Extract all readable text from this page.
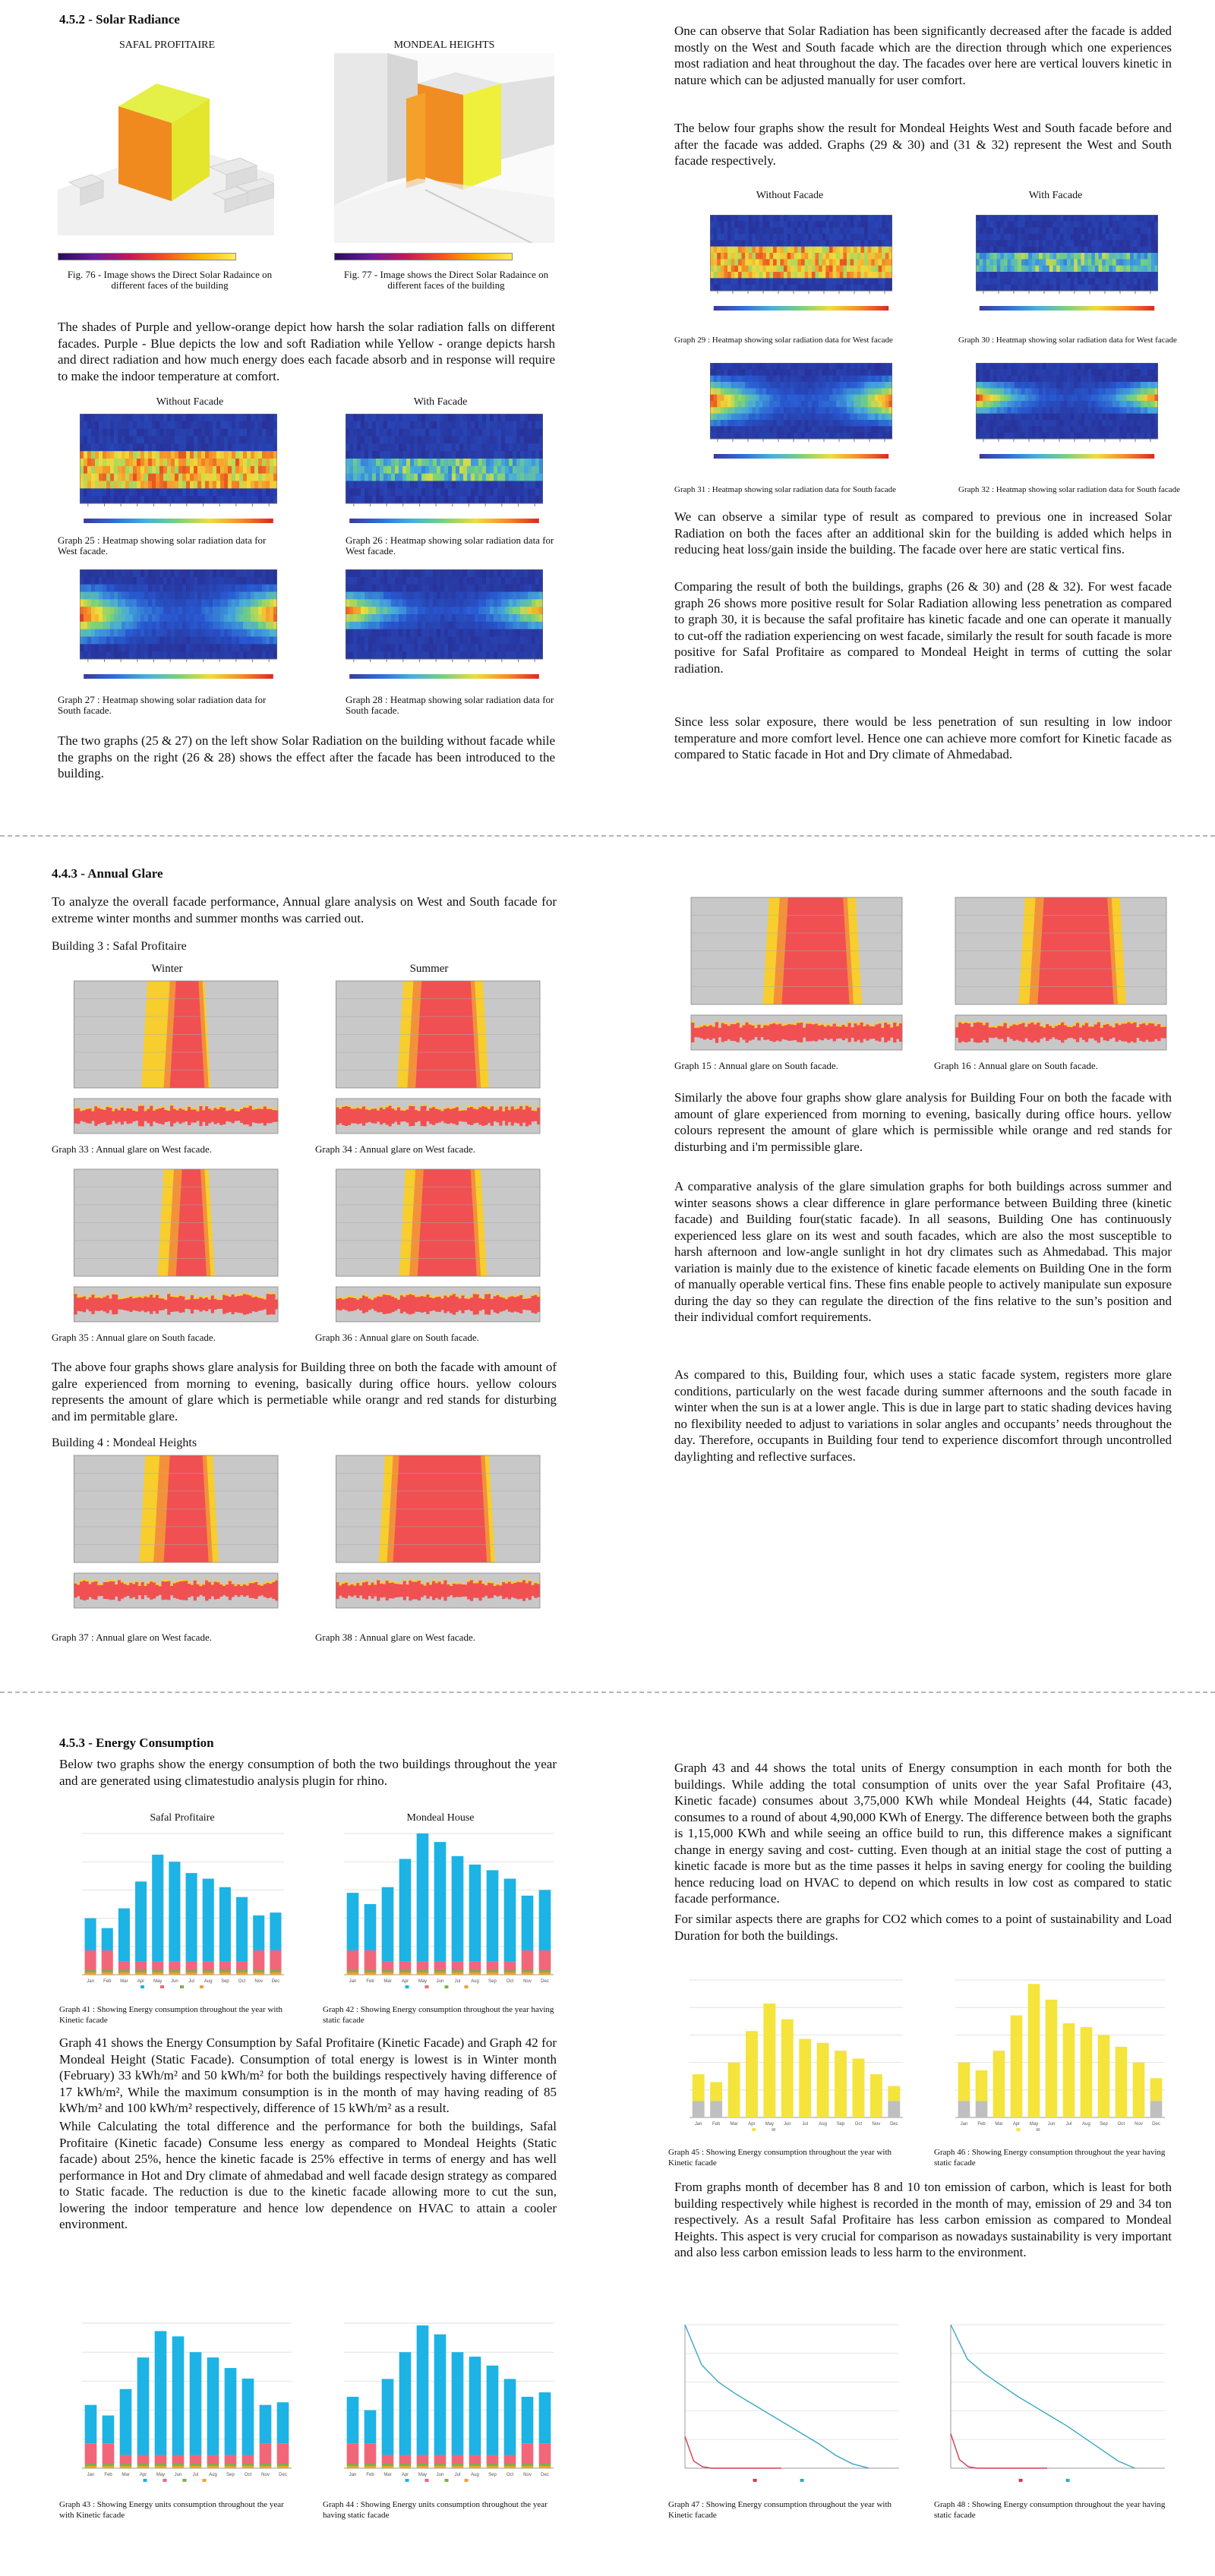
4.5.2 - Solar Radiance
SAFAL PROFITAIRE	MONDEAL HEIGHTS
Fig. 76 - Image shows the Direct Solar Radaince on different faces of the building
Fig. 77 - Image shows the Direct Solar Radaince on different faces of the building
The shades of Purple and yellow-orange depict how harsh the solar radiation falls on different facades. Purple - Blue depicts the low and soft Radiation while Yellow - orange depicts harsh and direct radiation and how much energy does each facade absorb and in response will require to make the indoor temperature at comfort.
Without Facade	With Facade
Graph 25 : Heatmap showing solar radiation data for West facade.
Graph 26 : Heatmap showing solar radiation data for West facade.
Graph 27 : Heatmap showing solar radiation data for South facade.
Graph 28 : Heatmap showing solar radiation data for South facade.
The two graphs (25 & 27) on the left show Solar Radiation on the building without facade while the graphs on the right (26 & 28) shows the effect after the facade has been introduced to the building.
One can observe that Solar Radiation has been significantly decreased after the facade is added mostly on the West and South facade which are the direction through which one experiences most radiation and heat throughout the day. The facades over here are vertical louvers kinetic in nature which can be adjusted manually for user comfort.
The below four graphs show the result for Mondeal Heights West and South facade before and after the facade was added. Graphs (29 & 30) and (31 & 32) represent the West and South facade respectively.
Without Facade	With Facade
Graph 29 : Heatmap showing solar radiation data for West facade	Graph 30 : Heatmap showing solar radiation data for West facade
Graph 31 : Heatmap showing solar radiation data for South facade	Graph 32 : Heatmap showing solar radiation data for South facade
We can observe a similar type of result as compared to previous one in increased Solar Radiation on both the faces after an additional skin for the building is added which helps in reducing heat loss/gain inside the building. The facade over here are static vertical fins.
Comparing the result of both the buildings, graphs (26 & 30) and (28 & 32). For west facade graph 26 shows more positive result for Solar Radiation allowing less penetration as compared to graph 30, it is because the safal profitaire has kinetic facade and one can operate it manually to cut-off the radiation experiencing on west facade, similarly the result for south facade is more positive for Safal Profitaire as compared to Mondeal Height in terms of cutting the solar radiation.
Since less solar exposure, there would be less penetration of sun resulting in low indoor temperature and more comfort level. Hence one can achieve more comfort for Kinetic facade as compared to Static facade in Hot and Dry climate of Ahmedabad.
4.4.3 - Annual Glare
To analyze the overall facade performance, Annual glare analysis on West and South facade for extreme winter months and summer months was carried out.
Building 3 : Safal Profitaire
Winter	Summer
Graph 33 : Annual glare on West facade.	Graph 34 : Annual glare on West facade.
Graph 35 : Annual glare on South facade.	Graph 36 : Annual glare on South facade.
The above four graphs shows glare analysis for Building three on both the facade with amount of galre experienced from morning to evening, basically during office hours. yellow colours represents the amount of glare which is permetiable while orangr and red stands for disturbing and im permitable glare.
Building 4 : Mondeal Heights
Graph 37 : Annual glare on West facade.	Graph 38 : Annual glare on West facade.
Graph 15 : Annual glare on South facade.	Graph 16 : Annual glare on South facade.
Similarly the above four graphs show glare analysis for Building Four on both the facade with amount of glare experienced from morning to evening, basically during office hours. yellow colours represent the amount of glare which is permissible while orange and red stands for disturbing and i'm permissible glare.
A comparative analysis of the glare simulation graphs for both buildings across summer and winter seasons shows a clear difference in glare performance between Building three (kinetic facade) and Building four(static facade). In all seasons, Building One has continuously experienced less glare on its west and south facades, which are also the most susceptible to harsh afternoon and low-angle sunlight in hot dry climates such as Ahmedabad. This major variation is mainly due to the existence of kinetic facade elements on Building One in the form of manually operable vertical fins. These fins enable people to actively manipulate sun exposure during the day so they can regulate the direction of the fins relative to the sun’s position and their individual comfort requirements.
As compared to this, Building four, which uses a static facade system, registers more glare conditions, particularly on the west facade during summer afternoons and the south facade in winter when the sun is at a lower angle. This is due in large part to static shading devices having no flexibility needed to adjust to variations in solar angles and occupants’ needs throughout the day. Therefore, occupants in Building four tend to experience discomfort through uncontrolled daylighting and reflective surfaces.
4.5.3 - Energy Consumption
Below two graphs show the energy consumption of both the two buildings throughout the year and are generated using climatestudio analysis plugin for rhino.
Safal Profitaire	Mondeal House
Jan Feb Mar Apr May Jun Jul Aug Sep Oct Nov Dec	Jan Feb Mar Apr May Jun Jul Aug Sep Oct Nov Dec
Graph 41 : Showing Energy consumption throughout the year with Kinetic facade
Graph 42 : Showing Energy consumption throughout the year having static facade
Graph 41 shows the Energy Consumption by Safal Profitaire (Kinetic Facade) and Graph 42 for Mondeal Height (Static Facade). Consumption of total energy is lowest is in Winter month (February) 33 kWh/m² and 50 kWh/m² for both the buildings respectively having difference of 17 kWh/m², While the maximum consumption is in the month of may having reading of 85 kWh/m² and 100 kWh/m² respectively, difference of 15 kWh/m² as a result.
While Calculating the total difference and the performance for both the buildings, Safal Profitaire (Kinetic facade) Consume less energy as compared to Mondeal Heights (Static facade) about 25%, hence the kinetic facade is 25% effective in terms of energy and has well performance in Hot and Dry climate of ahmedabad and well facade design strategy as compared to Static facade. The reduction is due to the kinetic facade allowing more to cut the sun, lowering the indoor temperature and hence low dependence on HVAC to attain a cooler environment.
Jan Feb Mar Apr May Jun Jul Aug Sep Oct Nov Dec	Jan Feb Mar Apr May Jun Jul Aug Sep Oct Nov Dec
Graph 43 : Showing Energy units consumption throughout the year with Kinetic facade
Graph 44 : Showing Energy units consumption throughout the year having static facade
Graph 43 and 44 shows the total units of Energy consumption in each month for both the buildings. While adding the total consumption of units over the year Safal Profitaire (43, Kinetic facade) consumes about 3,75,000 KWh while Mondeal Heights (44, Static facade) consumes to a round of about 4,90,000 KWh of Energy. The difference between both the graphs is 1,15,000 KWh and while seeing an office build to run, this difference makes a significant change in energy saving and cost- cutting. Even though at an initial stage the cost of putting a kinetic facade is more but as the time passes it helps in saving energy for cooling the building hence reducing load on HVAC to depend on which results in low cost as compared to static facade performance.
For similar aspects there are graphs for CO2 which comes to a point of sustainability and Load Duration for both the buildings.
Jan Feb Mar Apr May Jun Jul Aug Sep Oct Nov Dec	Jan Feb Mar Apr May Jun Jul Aug Sep Oct Nov Dec
Graph 45 : Showing Energy consumption throughout the year with Kinetic facade
Graph 46 : Showing Energy consumption throughout the year having static facade
From graphs month of december has 8 and 10 ton emission of carbon, which is least for both building respectively while highest is recorded in the month of may, emission of 29 and 34 ton respectively. As a result Safal Profitaire has less carbon emission as compared to Mondeal Heights. This aspect is very crucial for comparison as nowadays sustainability is very important and also less carbon emission leads to less harm to the environment.
Graph 47 : Showing Energy consumption throughout the year with Kinetic facade
Graph 48 : Showing Energy consumption throughout the year having static facade
